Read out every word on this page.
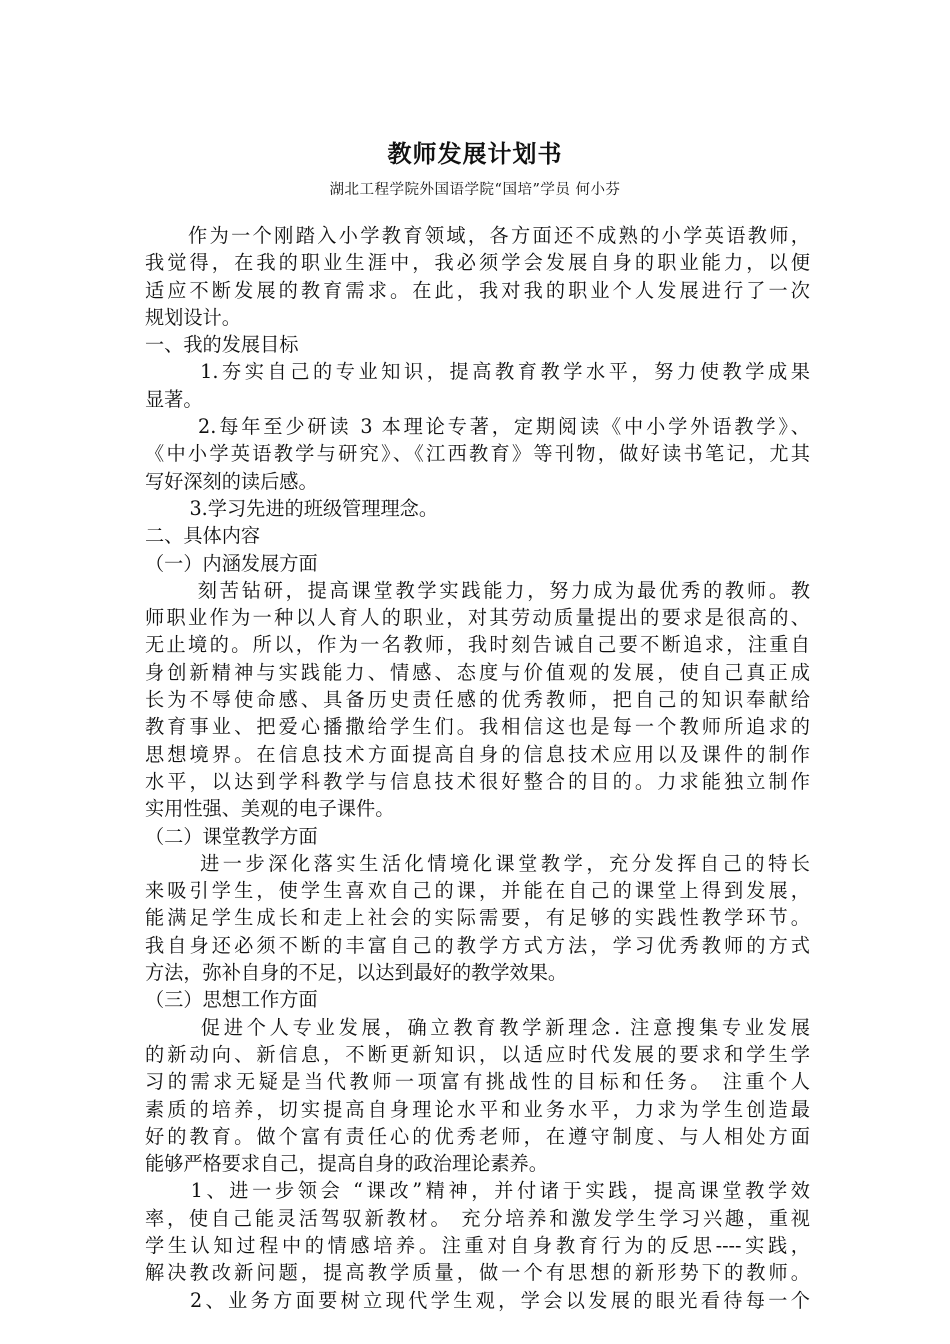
教师发展计划书
湖北工程学院外国语学院“国培”学员 何小芬
　　作为一个刚踏入小学教育领域，各方面还不成熟的小学英语教师，
我觉得，在我的职业生涯中，我必须学会发展自身的职业能力，以便
适应不断发展的教育需求。在此，我对我的职业个人发展进行了一次
规划设计。
一、我的发展目标
　　 1.夯实自己的专业知识，提高教育教学水平，努力使教学成果
显著。
　　 2.每年至少研读 3 本理论专著，定期阅读《中小学外语教学》、
《中小学英语教学与研究》、《江西教育》等刊物，做好读书笔记，尤其
写好深刻的读后感。
　　 3.学习先进的班级管理理念。
二、具体内容
（一）内涵发展方面
　　 刻苦钻研，提高课堂教学实践能力，努力成为最优秀的教师。教
师职业作为一种以人育人的职业，对其劳动质量提出的要求是很高的、
无止境的。所以，作为一名教师，我时刻告诫自己要不断追求，注重自
身创新精神与实践能力、情感、态度与价值观的发展，使自己真正成
长为不辱使命感、具备历史责任感的优秀教师，把自己的知识奉献给
教育事业、把爱心播撒给学生们。我相信这也是每一个教师所追求的
思想境界。在信息技术方面提高自身的信息技术应用以及课件的制作
水平，以达到学科教学与信息技术很好整合的目的。力求能独立制作
实用性强、美观的电子课件。
（二）课堂教学方面
　　 进一步深化落实生活化情境化课堂教学，充分发挥自己的特长
来吸引学生，使学生喜欢自己的课，并能在自己的课堂上得到发展，
能满足学生成长和走上社会的实际需要，有足够的实践性教学环节。
我自身还必须不断的丰富自己的教学方式方法，学习优秀教师的方式
方法，弥补自身的不足，以达到最好的教学效果。
（三）思想工作方面
　　 促进个人专业发展，确立教育教学新理念. 注意搜集专业发展
的新动向、新信息，不断更新知识，以适应时代发展的要求和学生学
习的需求无疑是当代教师一项富有挑战性的目标和任务。 注重个人
素质的培养，切实提高自身理论水平和业务水平，力求为学生创造最
好的教育。做个富有责任心的优秀老师，在遵守制度、与人相处方面
能够严格要求自己，提高自身的政治理论素养。
　　1、进一步领会 “课改”精神，并付诸于实践，提高课堂教学效
率，使自己能灵活驾驭新教材。 充分培养和激发学生学习兴趣，重视
学生认知过程中的情感培养。注重对自身教育行为的反思----实践，
解决教改新问题，提高教学质量，做一个有思想的新形势下的教师。
　　2、业务方面要树立现代学生观，学会以发展的眼光看待每一个
